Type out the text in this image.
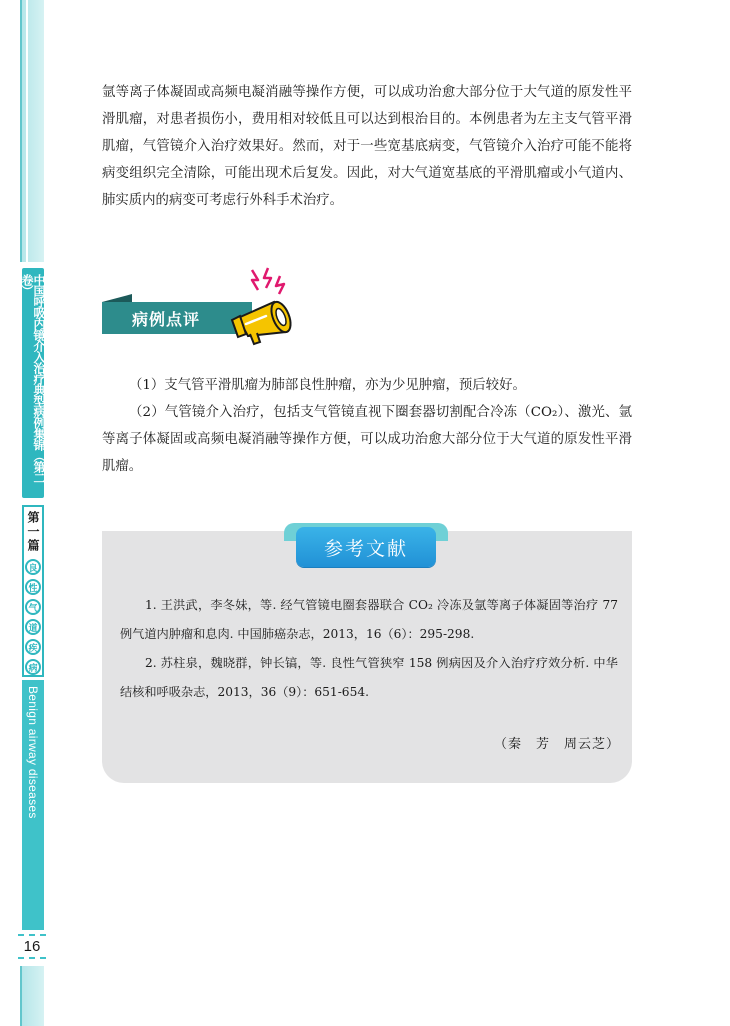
中国呼吸内镜介入治疗典型病例集锦（第二卷）
第一篇
良
性
气
道
疾
病
Benign airway diseases
16

氩等离子体凝固或高频电凝消融等操作方便，可以成功治愈大部分位于大气道的原发性平滑肌瘤，对患者损伤小，费用相对较低且可以达到根治目的。本例患者为左主支气管平滑肌瘤，气管镜介入治疗效果好。然而，对于一些宽基底病变，气管镜介入治疗可能不能将病变组织完全清除，可能出现术后复发。因此，对大气道宽基底的平滑肌瘤或小气道内、肺实质内的病变可考虑行外科手术治疗。

病例点评

（1）支气管平滑肌瘤为肺部良性肿瘤，亦为少见肿瘤，预后较好。

（2）气管镜介入治疗，包括支气管镜直视下圈套器切割配合冷冻（CO₂）、激光、氩等离子体凝固或高频电凝消融等操作方便，可以成功治愈大部分位于大气道的原发性平滑肌瘤。

参考文献

1. 王洪武，李冬妹，等. 经气管镜电圈套器联合 CO₂ 冷冻及氩等离子体凝固等治疗 77 例气道内肿瘤和息肉. 中国肺癌杂志，2013，16（6）：295-298.

2. 苏柱泉，魏晓群，钟长镐，等. 良性气管狭窄 158 例病因及介入治疗疗效分析. 中华结核和呼吸杂志，2013，36（9）：651-654.

（秦　芳　周云芝）
